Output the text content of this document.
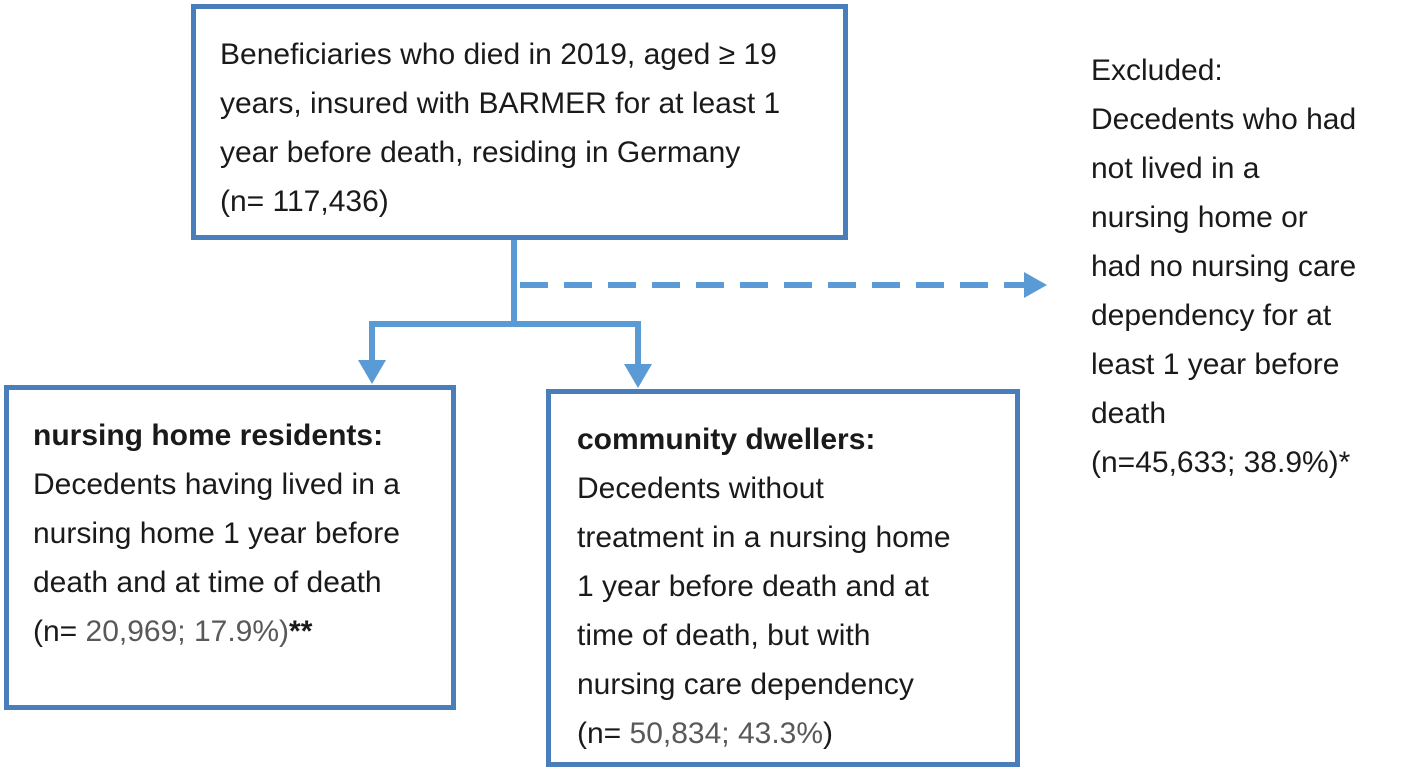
Beneficiaries who died in 2019, aged ≥ 19
years, insured with BARMER for at least 1
year before death, residing in Germany
(n= 117,436)

Excluded:
Decedents who had
not lived in a
nursing home or
had no nursing care
dependency for at
least 1 year before
death
(n=45,633; 38.9%)*

nursing home residents:
Decedents having lived in a
nursing home 1 year before
death and at time of death
(n= 20,969; 17.9%)**

community dwellers:
Decedents without
treatment in a nursing home
1 year before death and at
time of death, but with
nursing care dependency
(n= 50,834; 43.3%)
